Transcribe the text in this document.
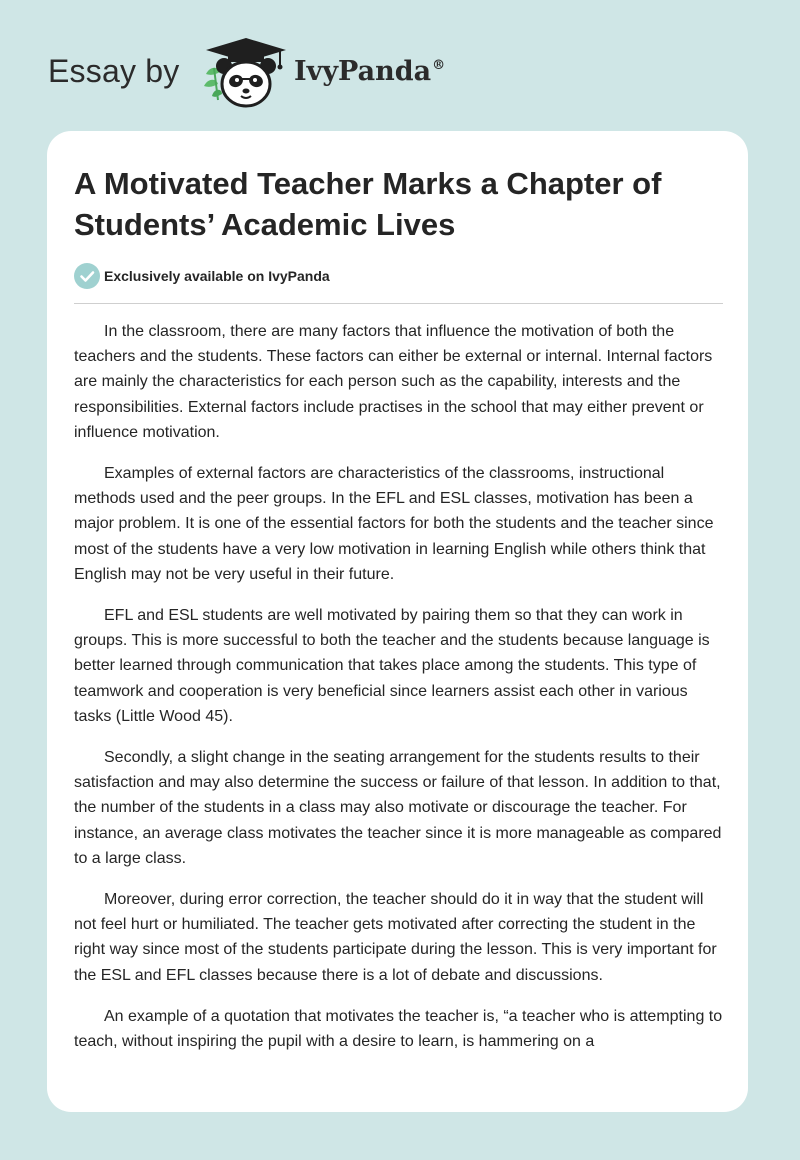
Essay by	IvyPanda®
A Motivated Teacher Marks a Chapter of Students’ Academic Lives
Exclusively available on IvyPanda

In the classroom, there are many factors that influence the motivation of both the teachers and the students. These factors can either be external or internal. Internal factors are mainly the characteristics for each person such as the capability, interests and the responsibilities. External factors include practises in the school that may either prevent or influence motivation.

Examples of external factors are characteristics of the classrooms, instructional methods used and the peer groups. In the EFL and ESL classes, motivation has been a major problem. It is one of the essential factors for both the students and the teacher since most of the students have a very low motivation in learning English while others think that English may not be very useful in their future.

EFL and ESL students are well motivated by pairing them so that they can work in groups. This is more successful to both the teacher and the students because language is better learned through communication that takes place among the students. This type of teamwork and cooperation is very beneficial since learners assist each other in various tasks (Little Wood 45).

Secondly, a slight change in the seating arrangement for the students results to their satisfaction and may also determine the success or failure of that lesson. In addition to that, the number of the students in a class may also motivate or discourage the teacher. For instance, an average class motivates the teacher since it is more manageable as compared to a large class.

Moreover, during error correction, the teacher should do it in way that the student will not feel hurt or humiliated. The teacher gets motivated after correcting the student in the right way since most of the students participate during the lesson. This is very important for the ESL and EFL classes because there is a lot of debate and discussions.

An example of a quotation that motivates the teacher is, “a teacher who is attempting to teach, without inspiring the pupil with a desire to learn, is hammering on a
